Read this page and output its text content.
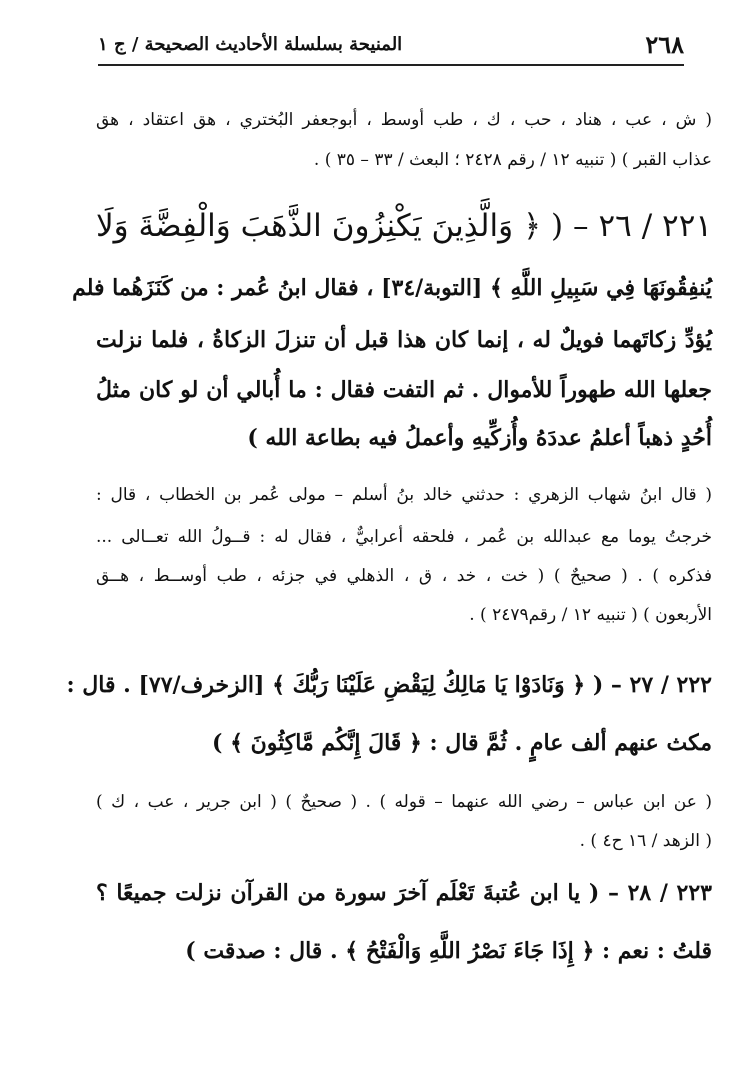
٢٦٨
المنيحة بسلسلة الأحاديث الصحيحة / ج ١
( ش ، عب ، هناد ، حب ، ك ، طب أوسط ، أبوجعفر البُختري ، هق اعتقاد ، هق
عذاب القبر ) ( تنبيه ١٢ / رقم ٢٤٢٨ ؛ البعث / ٣٣ – ٣٥ ) .
٢٢١ / ٢٦ – ( ﴿ وَالَّذِينَ يَكْنِزُونَ الذَّهَبَ وَالْفِضَّةَ وَلَا
يُنفِقُونَهَا فِي سَبِيلِ اللَّهِ ﴾ [التوبة/٣٤] ، فقال ابنُ عُمر : من كَنَزَهُما فلم
يُؤدِّ زكاتَهما فويلٌ له ، إنما كان هذا قبل أن تنزلَ الزكاةُ ، فلما نزلت
جعلها الله طهوراً للأموال . ثم التفت فقال : ما أُبالي أن لو كان مثلُ
أُحُدٍ ذهباً أعلمُ عددَهُ وأُزكِّيهِ وأعملُ فيه بطاعة الله )
( قال ابنُ شهاب الزهري : حدثني خالد بنُ أسلم – مولى عُمر بن الخطاب ، قال :
خرجتُ يوما مع عبدالله بن عُمر ، فلحقه أعرابيٌّ ، فقال له : قــولُ الله تعــالى ...
فذكره ) . ( صحيحٌ ) ( خت ، خد ، ق ، الذهلي في جزئه ، طب أوســط ، هــق
الأربعون ) ( تنبيه ١٢ / رقم٢٤٧٩ ) .
٢٢٢ / ٢٧ – ( ﴿ وَنَادَوْا يَا مَالِكُ لِيَقْضِ عَلَيْنَا رَبُّكَ ﴾ [الزخرف/٧٧] . قال :
مكث عنهم ألف عامٍ . ثُمَّ قال : ﴿ قَالَ إِنَّكُم مَّاكِثُونَ ﴾ )
( عن ابن عباس – رضي الله عنهما – قوله ) . ( صحيحٌ ) ( ابن جرير ، عب ، ك )
( الزهد / ١٦ ح٤ ) .
٢٢٣ / ٢٨ – ( يا ابن عُتبةَ تَعْلَم آخرَ سورة من القرآن نزلت جميعًا ؟
قلتُ : نعم : ﴿ إِذَا جَاءَ نَصْرُ اللَّهِ وَالْفَتْحُ ﴾ . قال : صدقت )
